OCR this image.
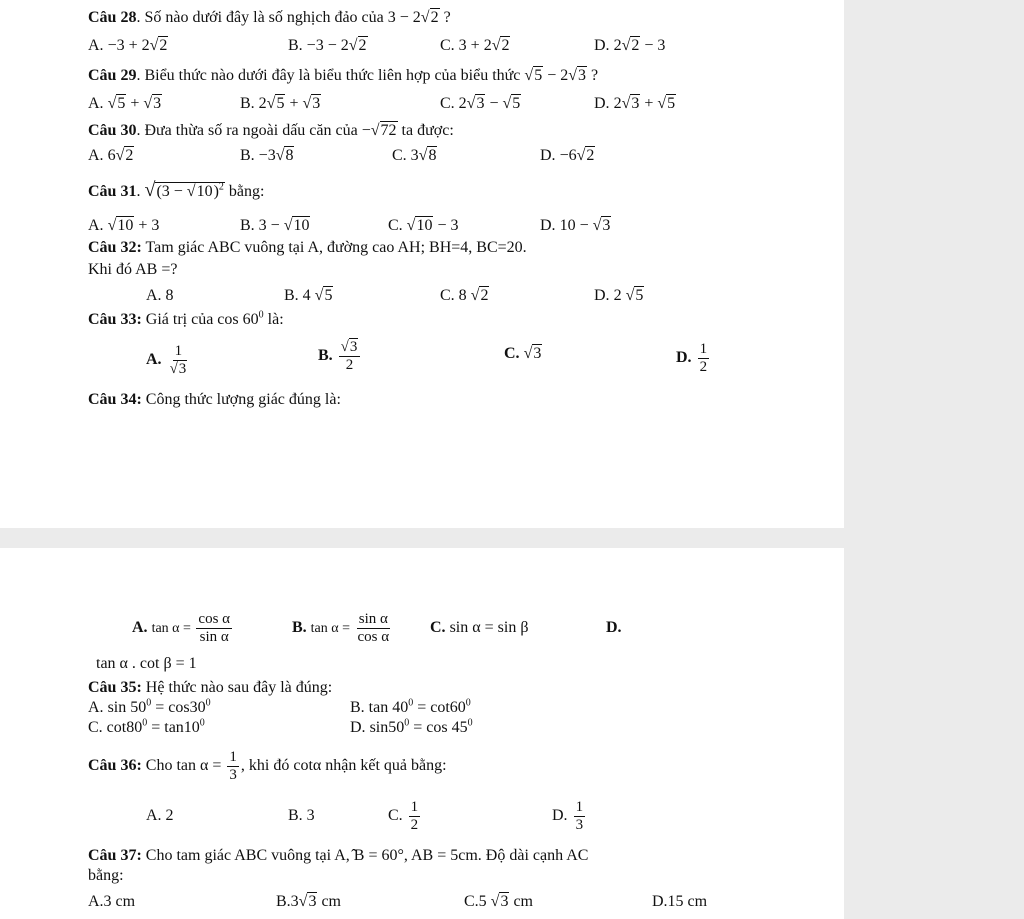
Câu 28. Số nào dưới đây là số nghịch đảo của 3 − 2√2 ?
A. −3 + 2√2	B. −3 − 2√2	C. 3 + 2√2	D. 2√2 − 3
Câu 29. Biểu thức nào dưới đây là biểu thức liên hợp của biểu thức √5 − 2√3 ?
A. √5 + √3	B. 2√5 + √3	C. 2√3 − √5	D. 2√3 + √5
Câu 30. Đưa thừa số ra ngoài dấu căn của −√72 ta được:
A. 6√2	B. −3√8	C. 3√8	D. −6√2
Câu 31. $√(3 - √10)^2$ bằng:
A. √10 + 3	B. 3 − √10	C. √10 − 3	D. 10 − √3
Câu 32: Tam giác ABC vuông tại A, đường cao AH; BH=4, BC=20.
Khi đó AB =?
A. 8	B. 4 √5	C. 8 √2	D. 2 √5
Câu 33: Giá trị của $\cos 60^0$ là:
A. $\frac{1}{√3}$	B. $\frac{√3}{2}$	C. √3	D. $\frac{1}{2}$
Câu 34: Công thức lượng giác đúng là:
A. $\tan \alpha = \frac{\text{cos α}}{\text{sin α}}$	B. $\tan \alpha = \frac{\text{sin α}}{\text{cos α}} C$. sin α = sin β	D.
tan α . cot β = 1
Câu 35: Hệ thức nào sau đây là đúng:
A. $\sin 50^0 = \cos 30^0$	B. $\tan 40^0 = \cot 60^0$
C. $\cot 80^0 = \tan 10^0$	D. $\sin 50^0 = \cos 45^0$
Câu 36: Cho $\tan \alpha = \frac{1}{3}$ , khi đó cotα nhận kết quả bằng:
A. 2	B. 3	C. $\frac{1}{2}$	D. $\frac{1}{3}$
Câu 37: Cho tam giác ABC vuông tại A, B = 60°, AB = 5cm. Độ dài cạnh AC
bằng:
A.3 cm	B.3√3 cm	C.5 √3 cm	D.15 cm
